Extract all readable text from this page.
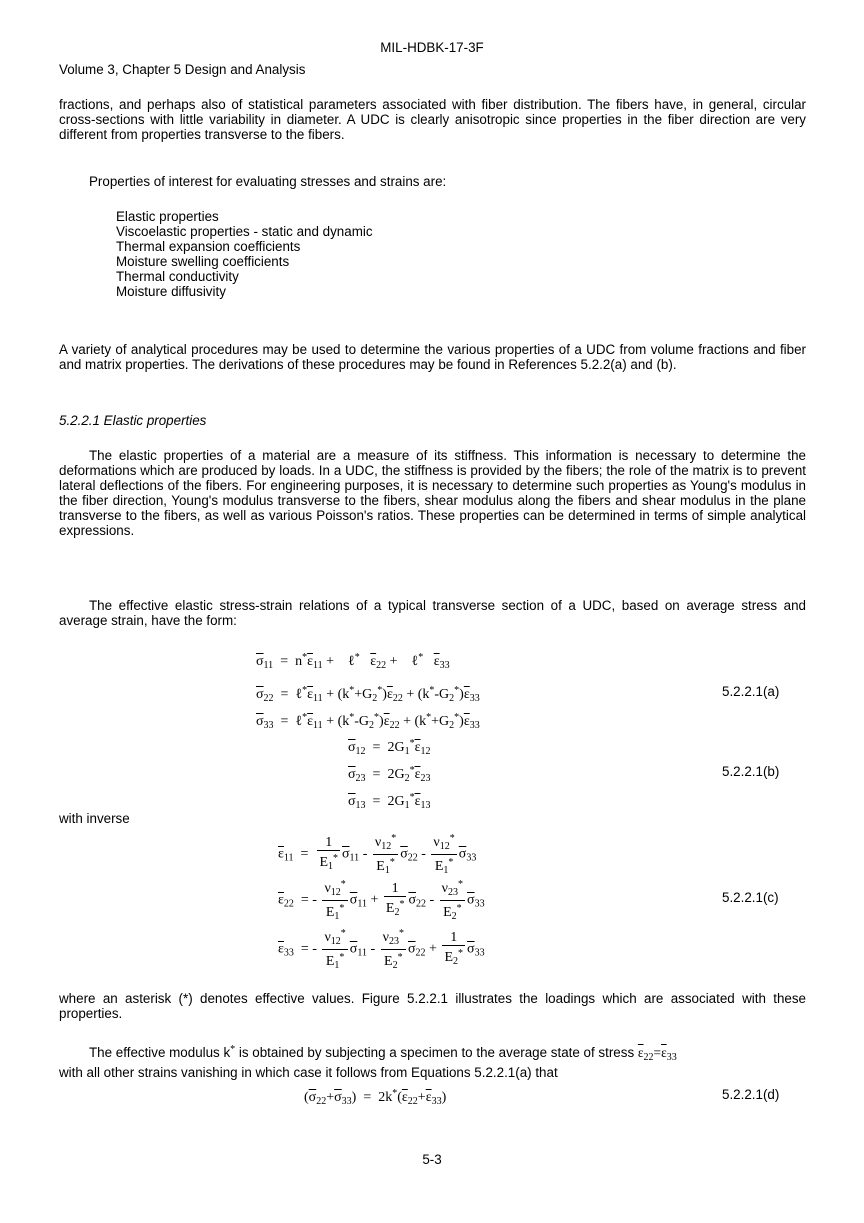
MIL-HDBK-17-3F
Volume 3, Chapter 5 Design and Analysis
fractions, and perhaps also of statistical parameters associated with fiber distribution. The fibers have, in general, circular cross-sections with little variability in diameter. A UDC is clearly anisotropic since properties in the fiber direction are very different from properties transverse to the fibers.
Properties of interest for evaluating stresses and strains are:
Elastic properties
Viscoelastic properties - static and dynamic
Thermal expansion coefficients
Moisture swelling coefficients
Thermal conductivity
Moisture diffusivity
A variety of analytical procedures may be used to determine the various properties of a UDC from volume fractions and fiber and matrix properties. The derivations of these procedures may be found in References 5.2.2(a) and (b).
5.2.2.1 Elastic properties
The elastic properties of a material are a measure of its stiffness. This information is necessary to determine the deformations which are produced by loads. In a UDC, the stiffness is provided by the fibers; the role of the matrix is to prevent lateral deflections of the fibers. For engineering purposes, it is necessary to determine such properties as Young's modulus in the fiber direction, Young's modulus transverse to the fibers, shear modulus along the fibers and shear modulus in the plane transverse to the fibers, as well as various Poisson's ratios. These properties can be determined in terms of simple analytical expressions.
The effective elastic stress-strain relations of a typical transverse section of a UDC, based on average stress and average strain, have the form:
$\overline{\sigma}_{11} = n^*\overline{\varepsilon}_{11}$ +    ℓ* $\overline{\varepsilon}_{22}$ +    ℓ* $\overline{\varepsilon}_{33}$
$\overline{\sigma}_{22}$  =  $\ell^*\overline{\varepsilon}_{11} + (k^*+G_2^*)\overline{\varepsilon}_{22} + (k^*-G_2^*)\overline{\varepsilon}_{33}$
$\overline{\sigma}_{33}$  =  $\ell^*\overline{\varepsilon}_{11} + (k^*-G_2^*)\overline{\varepsilon}_{22} + (k^*+G_2^*)\overline{\varepsilon}_{33}$
5.2.2.1(a)
$\overline{\sigma}_{12} = 2G_1^*\overline{\varepsilon}_{12}$
$\overline{\sigma}_{23} = 2G_2^*\overline{\varepsilon}_{23}$
$\overline{\sigma}_{13} = 2G_1^*\overline{\varepsilon}_{13}$
5.2.2.1(b)
with inverse
$\overline{\varepsilon}_{11} = \frac{1}{E_1^*} \overline{\sigma}_{11} - \frac{\nu_{12}^*}{E_1^*} \overline{\sigma}_{22} - \frac{\nu_{12}^*}{E_1^*} \overline{\sigma}_{33}$
$\overline{\varepsilon}_{22}$  = - $\frac{\nu_{12}^*}{E_1^*} \overline{\sigma}_{11} + \frac{1}{E_2^*} \overline{\sigma}_{22} - \frac{\nu_{23}^*}{E_2^*} \overline{\sigma}_{33}$
$\overline{\varepsilon}_{33}$  = - $\frac{\nu_{12}^*}{E_1^*} \overline{\sigma}_{11} - \frac{\nu_{23}^*}{E_2^*} \overline{\sigma}_{22} + \frac{1}{E_2^*} \overline{\sigma}_{33}$
5.2.2.1(c)
where an asterisk (*) denotes effective values. Figure 5.2.2.1 illustrates the loadings which are associated with these properties.
The effective modulus k* is obtained by subjecting a specimen to the average state of stress $\overline{\varepsilon}_{22}=\overline{\varepsilon}_{33}$
with all other strains vanishing in which case it follows from Equations 5.2.2.1(a) that
$(\overline{\sigma}_{22}+\overline{\sigma}_{33}) = 2k^*(\overline{\varepsilon}_{22}+\overline{\varepsilon}_{33})$	5.2.2.1(d)
5-3
